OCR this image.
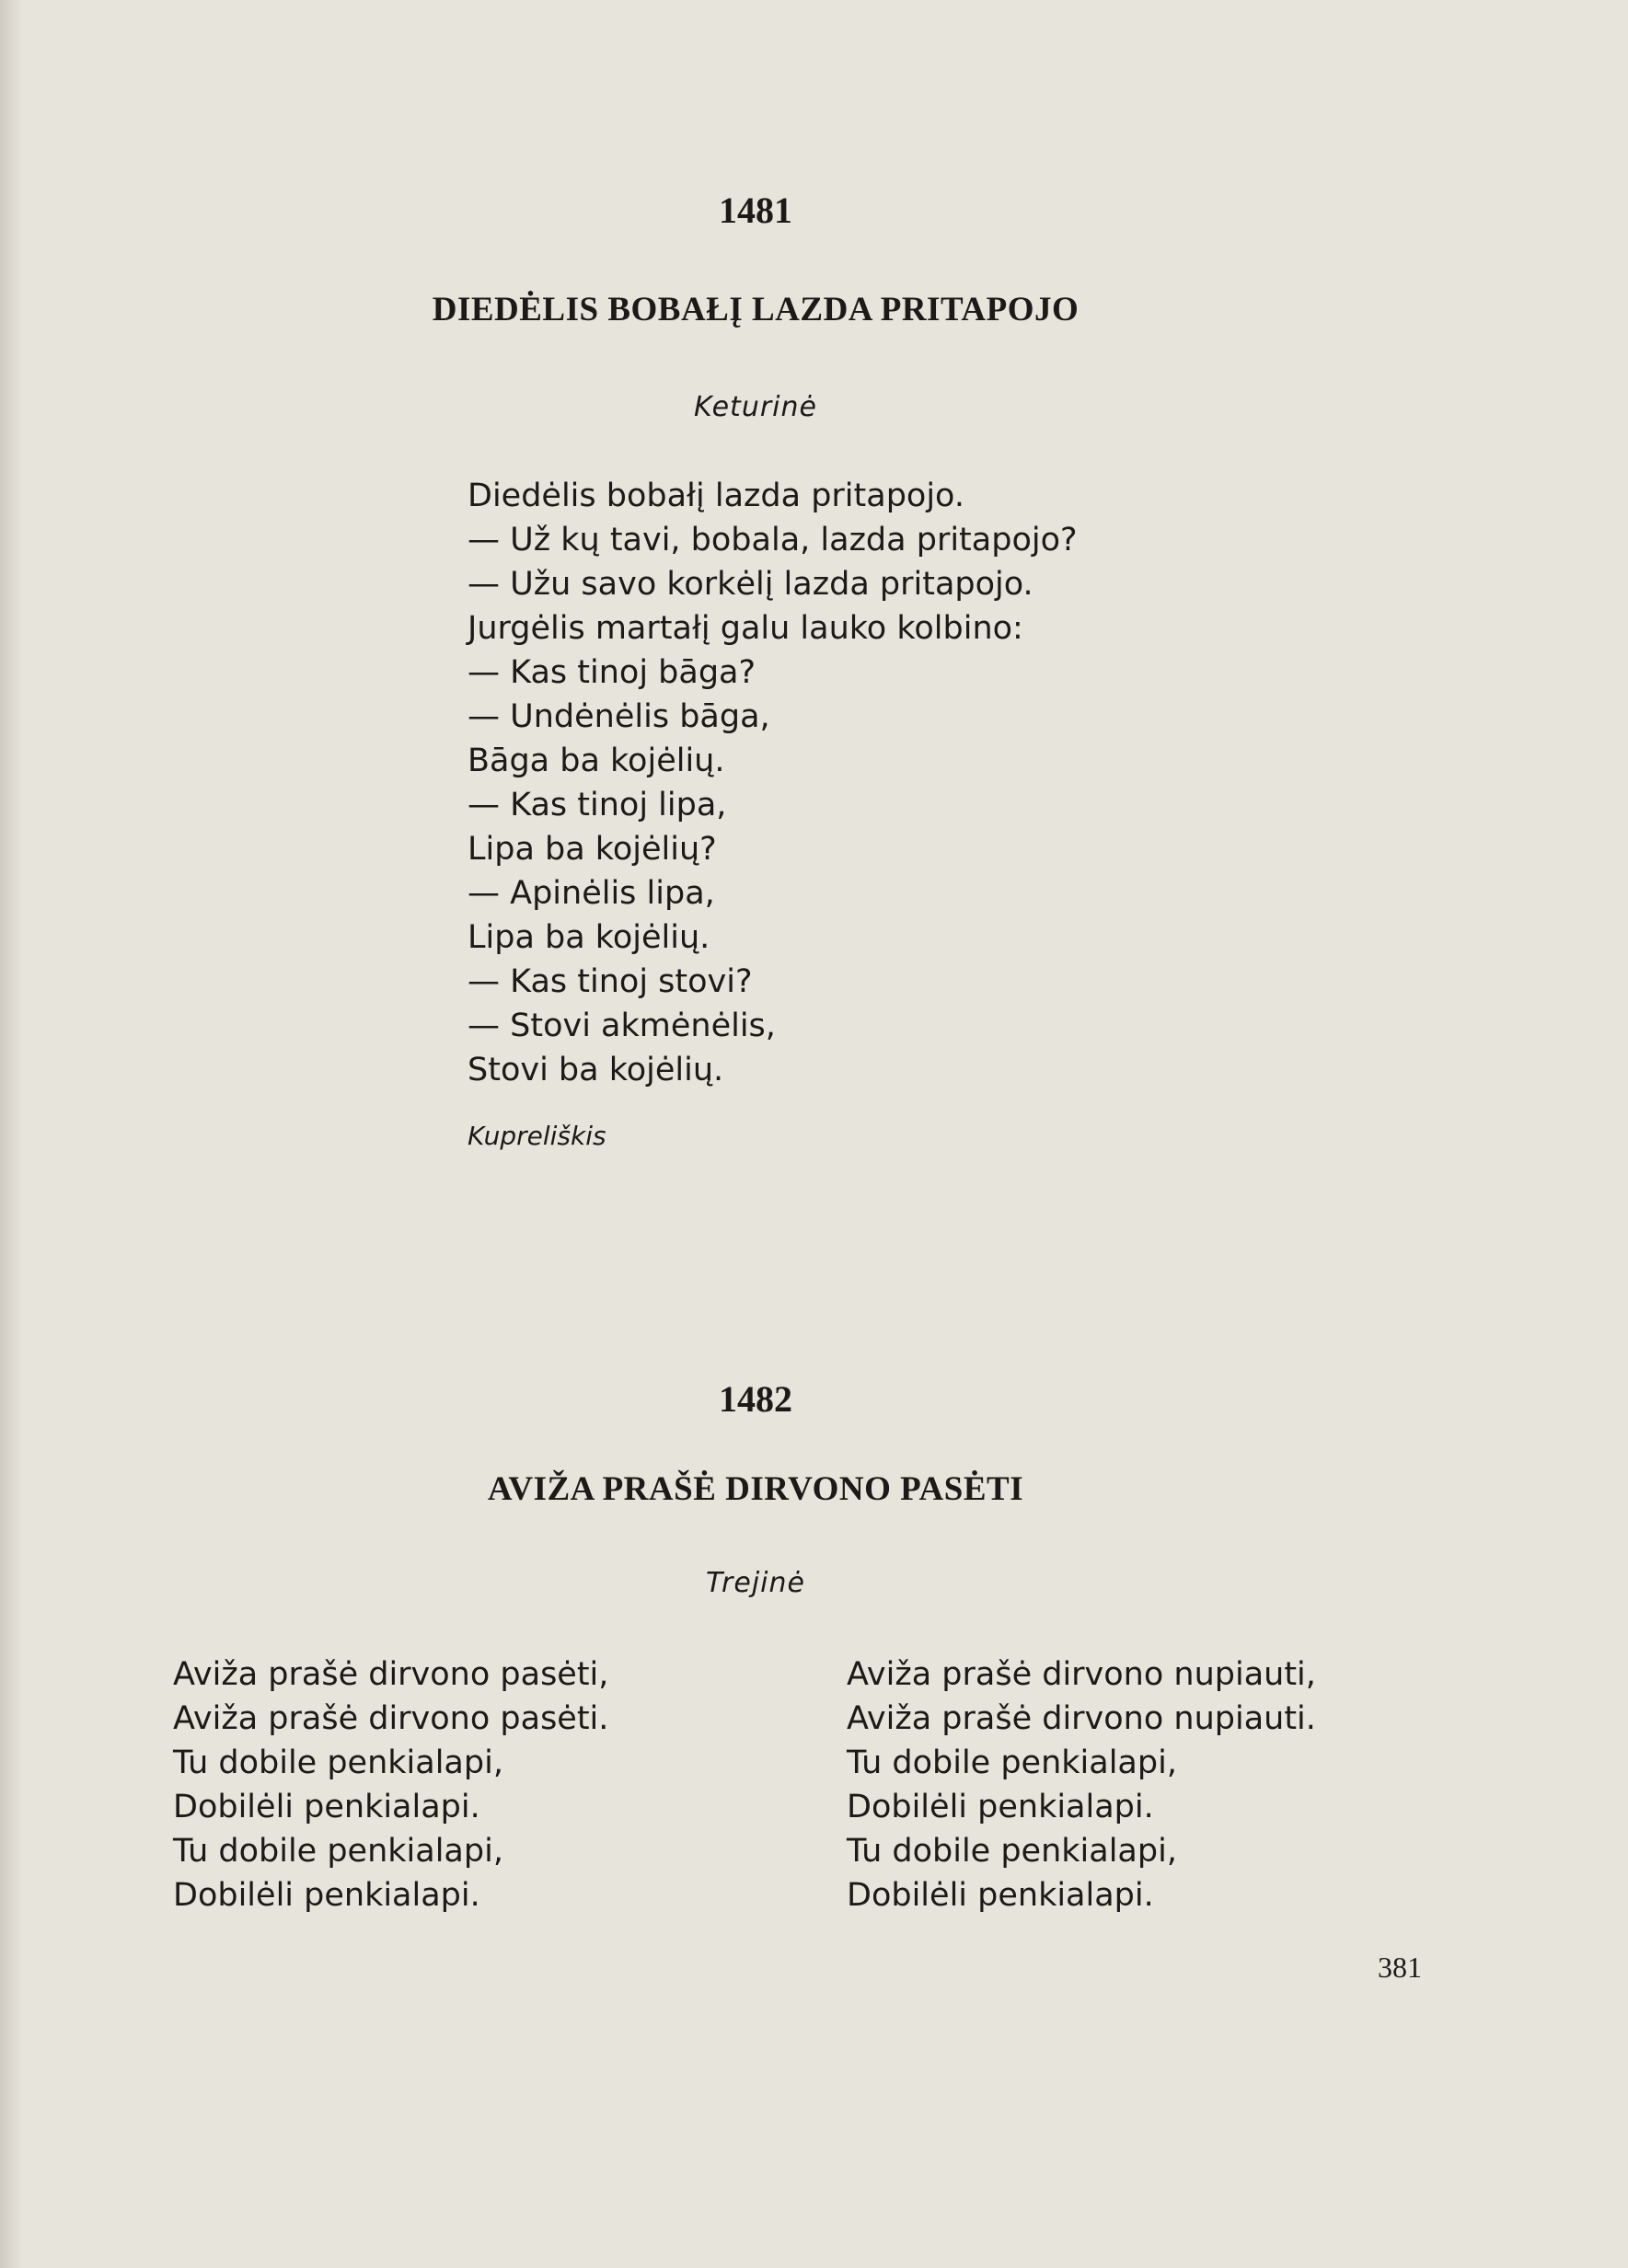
1481
DIEDĖLIS BOBAŁĮ LAZDA PRITAPOJO
Keturinė
Diedėlis bobałį lazda pritapojo.
— Už kų tavi, bobala, lazda pritapojo?
— Užu savo korkėlį lazda pritapojo.
Jurgėlis martałį galu lauko kolbino:
— Kas tinoj bāga?
— Undėnėlis bāga,
Bāga ba kojėlių.
— Kas tinoj lipa,
Lipa ba kojėlių?
— Apinėlis lipa,
Lipa ba kojėlių.
— Kas tinoj stovi?
— Stovi akmėnėlis,
Stovi ba kojėlių.
Kupreliškis
1482
AVIŽA PRAŠĖ DIRVONO PASĖTI
Trejinė
Aviža prašė dirvono pasėti,
Aviža prašė dirvono pasėti.
Tu dobile penkialapi,
Dobilėli penkialapi.
Tu dobile penkialapi,
Dobilėli penkialapi.
Aviža prašė dirvono nupiauti,
Aviža prašė dirvono nupiauti.
Tu dobile penkialapi,
Dobilėli penkialapi.
Tu dobile penkialapi,
Dobilėli penkialapi.
381
